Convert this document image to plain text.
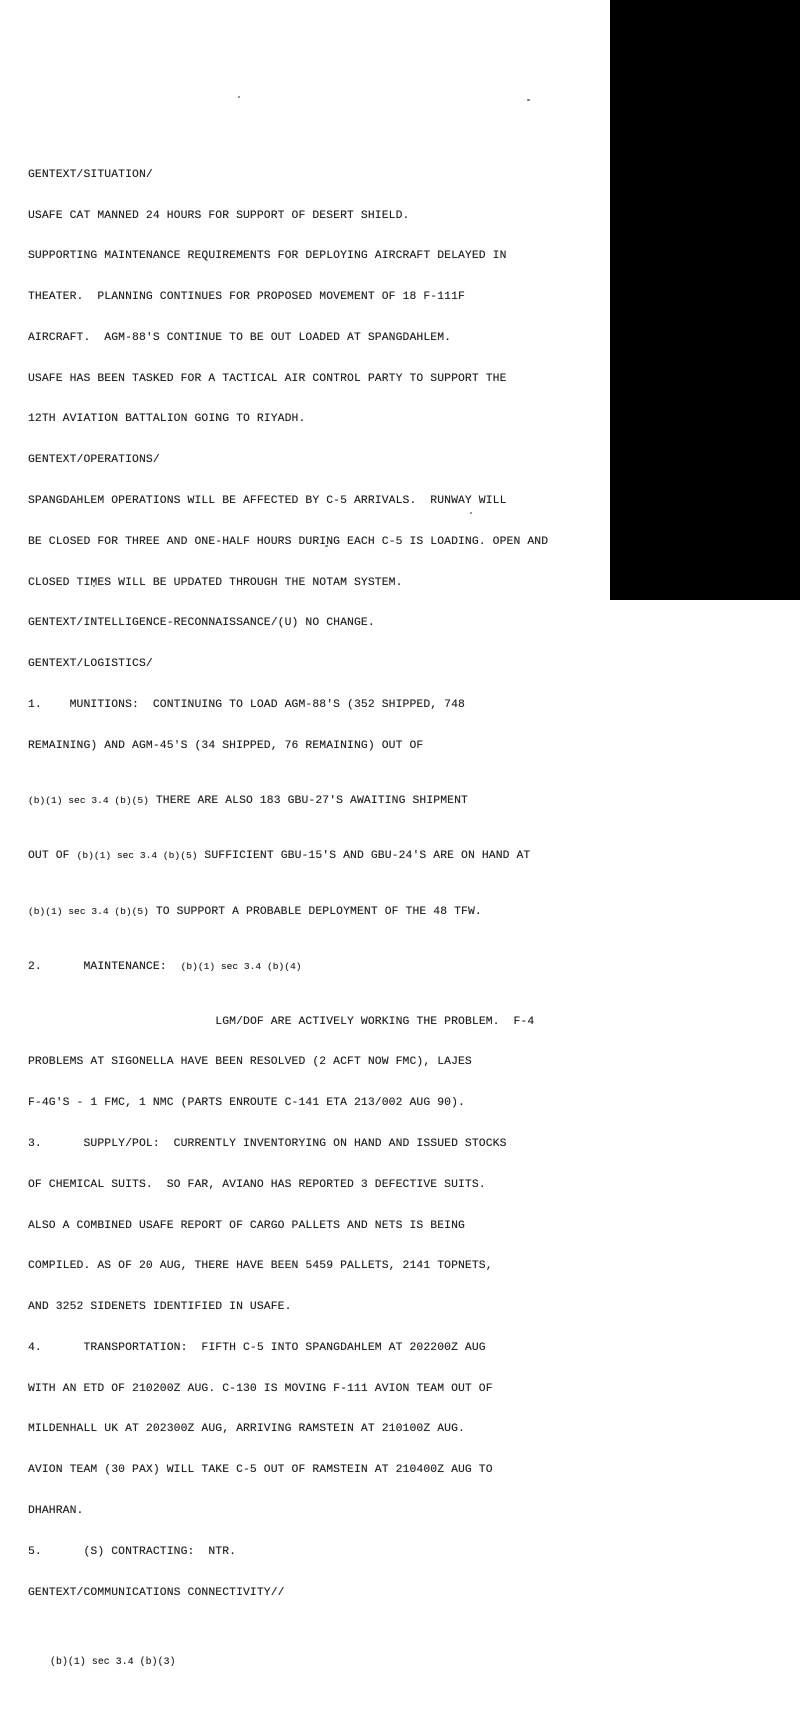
GENTEXT/SITUATION/

USAFE CAT MANNED 24 HOURS FOR SUPPORT OF DESERT SHIELD.

SUPPORTING MAINTENANCE REQUIREMENTS FOR DEPLOYING AIRCRAFT DELAYED IN

THEATER.  PLANNING CONTINUES FOR PROPOSED MOVEMENT OF 18 F-111F

AIRCRAFT.  AGM-88'S CONTINUE TO BE OUT LOADED AT SPANGDAHLEM.

USAFE HAS BEEN TASKED FOR A TACTICAL AIR CONTROL PARTY TO SUPPORT THE

12TH AVIATION BATTALION GOING TO RIYADH.

GENTEXT/OPERATIONS/

SPANGDAHLEM OPERATIONS WILL BE AFFECTED BY C-5 ARRIVALS.  RUNWAY WILL

BE CLOSED FOR THREE AND ONE-HALF HOURS DURING EACH C-5 IS LOADING. OPEN AND

CLOSED TIMES WILL BE UPDATED THROUGH THE NOTAM SYSTEM.

GENTEXT/INTELLIGENCE-RECONNAISSANCE/(U) NO CHANGE.

GENTEXT/LOGISTICS/

1.    MUNITIONS:  CONTINUING TO LOAD AGM-88'S (352 SHIPPED, 748

REMAINING) AND AGM-45'S (34 SHIPPED, 76 REMAINING) OUT OF

(b)(1) sec 3.4 (b)(5) THERE ARE ALSO 183 GBU-27'S AWAITING SHIPMENT

OUT OF (b)(1) sec 3.4 (b)(5) SUFFICIENT GBU-15'S AND GBU-24'S ARE ON HAND AT

(b)(1) sec 3.4 (b)(5) TO SUPPORT A PROBABLE DEPLOYMENT OF THE 48 TFW.

2.      MAINTENANCE:  (b)(1) sec 3.4 (b)(4)

LGM/DOF ARE ACTIVELY WORKING THE PROBLEM.  F-4

PROBLEMS AT SIGONELLA HAVE BEEN RESOLVED (2 ACFT NOW FMC), LAJES

F-4G'S - 1 FMC, 1 NMC (PARTS ENROUTE C-141 ETA 213/002 AUG 90).

3.      SUPPLY/POL:  CURRENTLY INVENTORYING ON HAND AND ISSUED STOCKS

OF CHEMICAL SUITS.  SO FAR, AVIANO HAS REPORTED 3 DEFECTIVE SUITS.

ALSO A COMBINED USAFE REPORT OF CARGO PALLETS AND NETS IS BEING

COMPILED. AS OF 20 AUG, THERE HAVE BEEN 5459 PALLETS, 2141 TOPNETS,

AND 3252 SIDENETS IDENTIFIED IN USAFE.

4.      TRANSPORTATION:  FIFTH C-5 INTO SPANGDAHLEM AT 202200Z AUG

WITH AN ETD OF 210200Z AUG. C-130 IS MOVING F-111 AVION TEAM OUT OF

MILDENHALL UK AT 202300Z AUG, ARRIVING RAMSTEIN AT 210100Z AUG.

AVION TEAM (30 PAX) WILL TAKE C-5 OUT OF RAMSTEIN AT 210400Z AUG TO

DHAHRAN.

5.      (S) CONTRACTING:  NTR.

GENTEXT/COMMUNICATIONS CONNECTIVITY//

(b)(1) sec 3.4 (b)(3)
